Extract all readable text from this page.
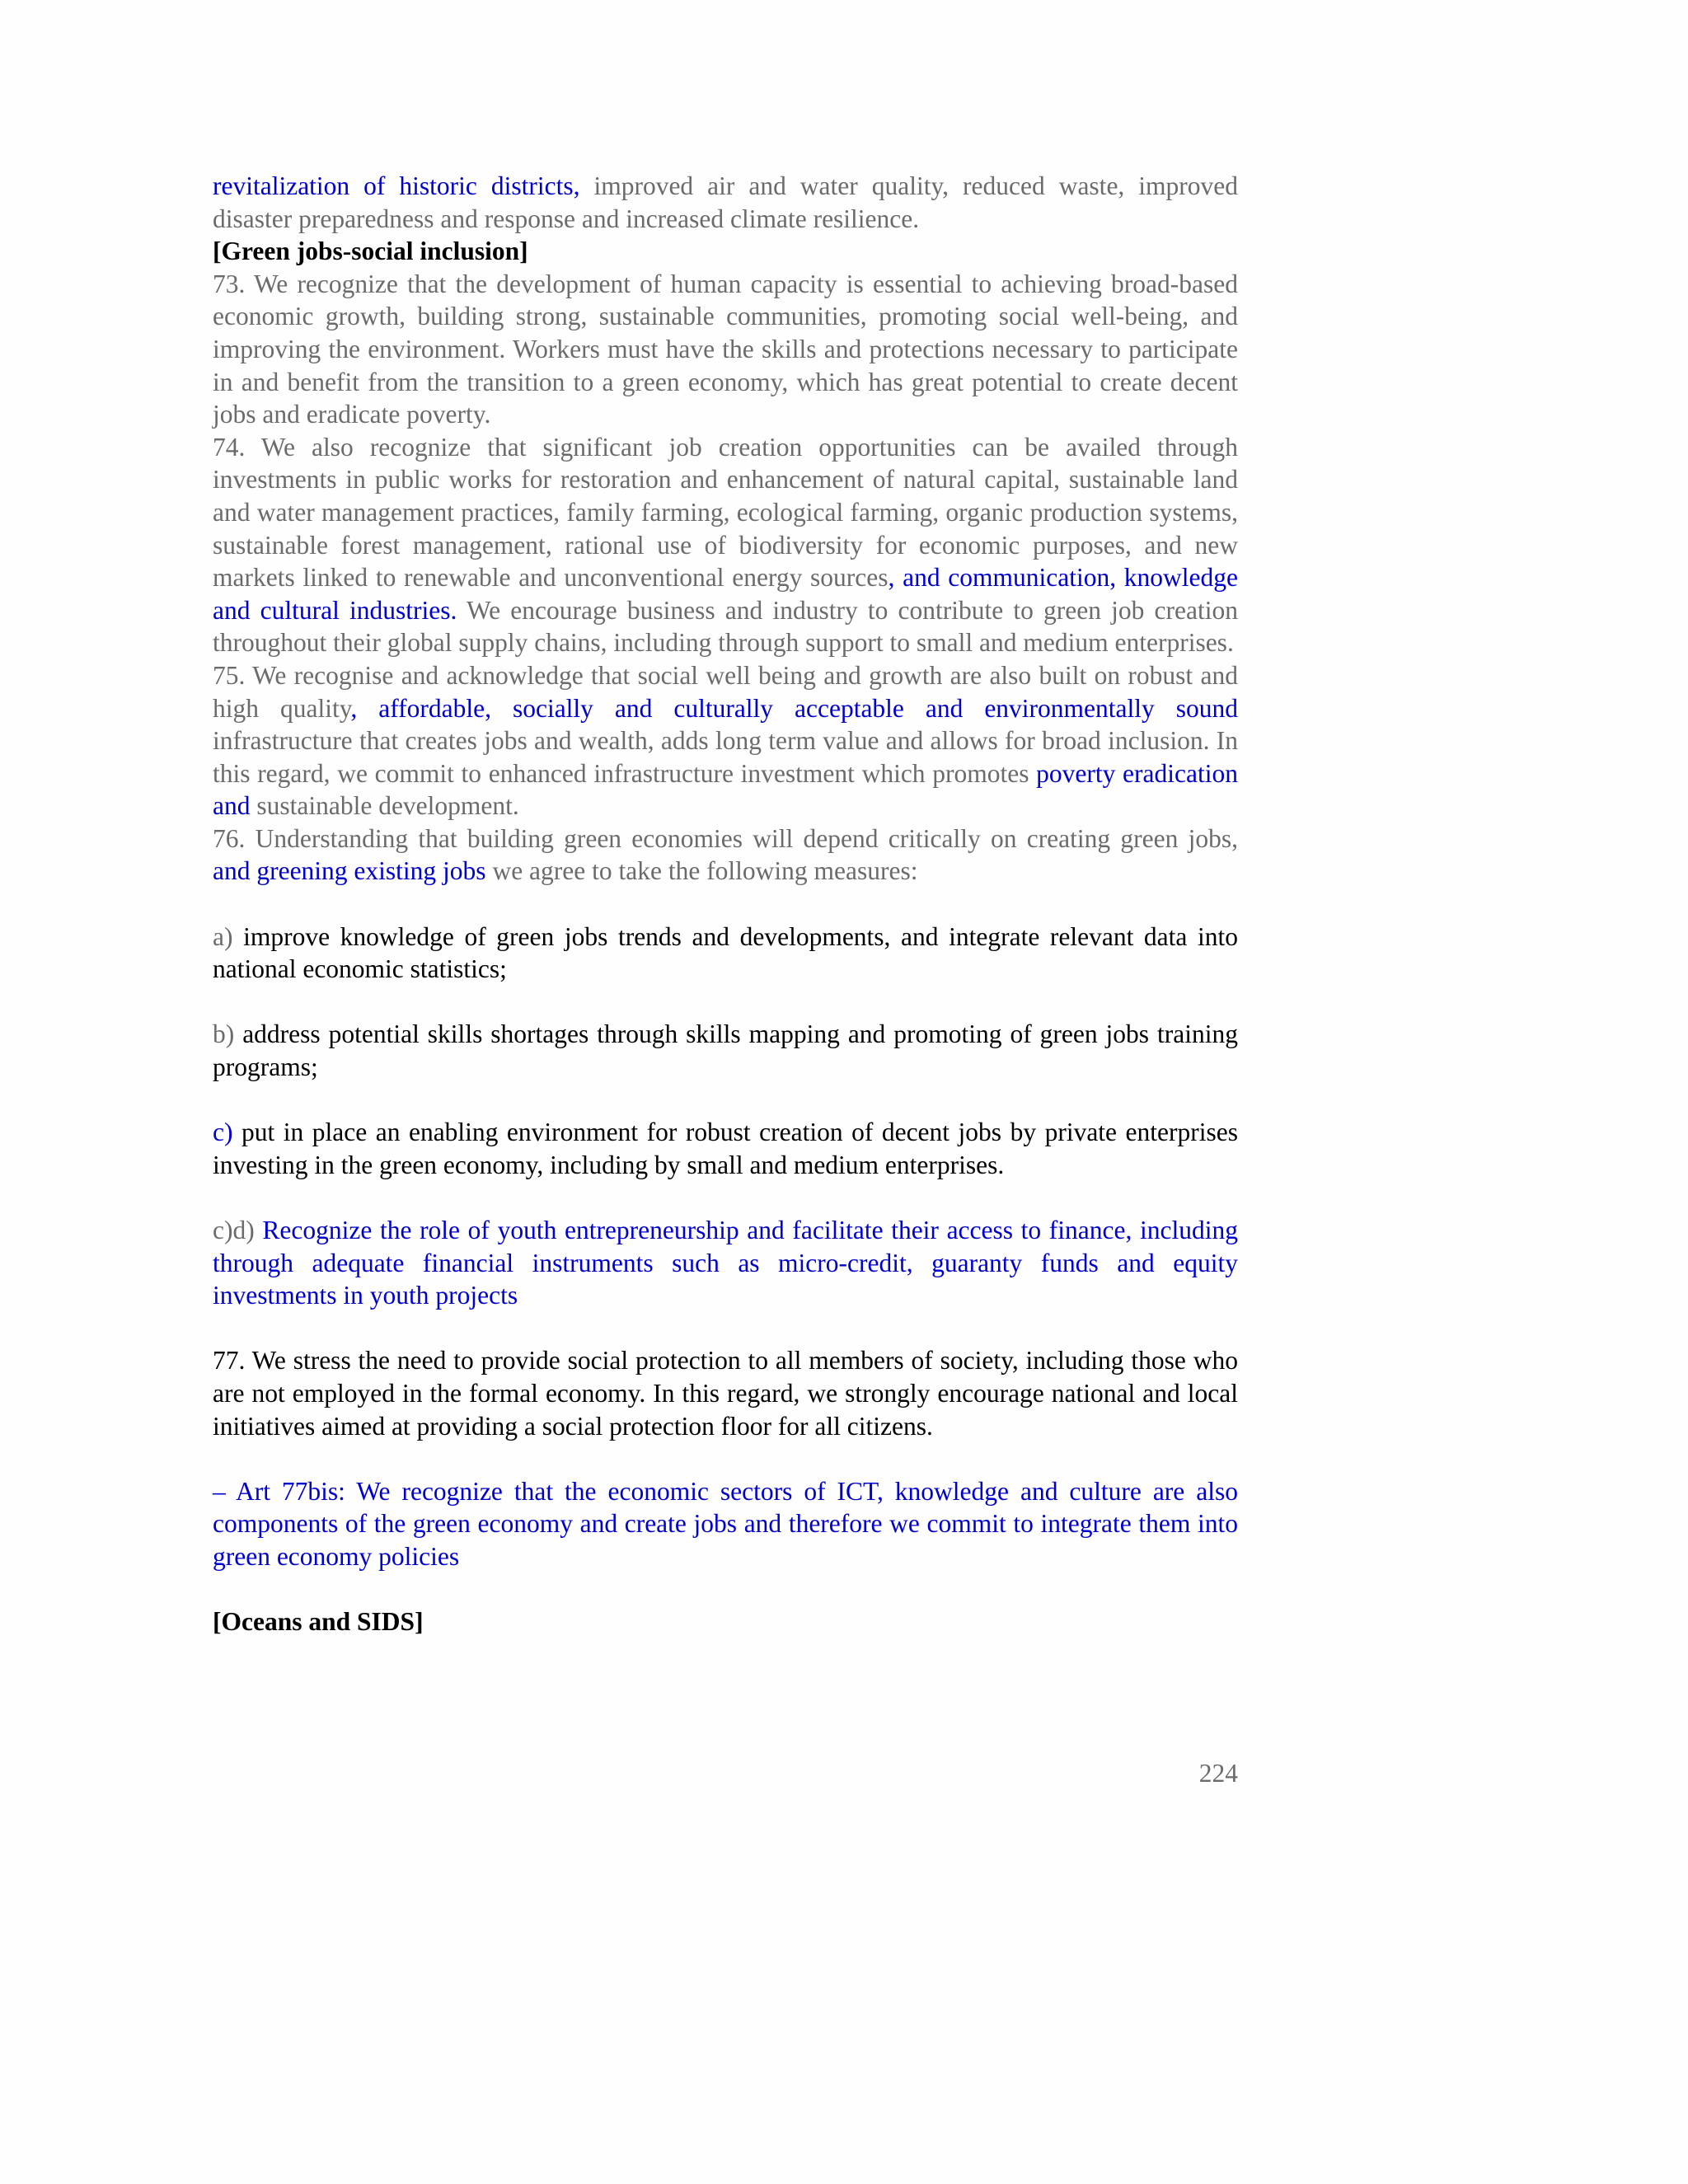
revitalization of historic districts, improved air and water quality, reduced waste, improved disaster preparedness and response and increased climate resilience.

[Green jobs-social inclusion]

73. We recognize that the development of human capacity is essential to achieving broad-based economic growth, building strong, sustainable communities, promoting social well-being, and improving the environment. Workers must have the skills and protections necessary to participate in and benefit from the transition to a green economy, which has great potential to create decent jobs and eradicate poverty.

74. We also recognize that significant job creation opportunities can be availed through investments in public works for restoration and enhancement of natural capital, sustainable land and water management practices, family farming, ecological farming, organic production systems, sustainable forest management, rational use of biodiversity for economic purposes, and new markets linked to renewable and unconventional energy sources, and communication, knowledge and cultural industries. We encourage business and industry to contribute to green job creation throughout their global supply chains, including through support to small and medium enterprises.

75. We recognise and acknowledge that social well being and growth are also built on robust and high quality, affordable, socially and culturally acceptable and environmentally sound infrastructure that creates jobs and wealth, adds long term value and allows for broad inclusion. In this regard, we commit to enhanced infrastructure investment which promotes poverty eradication and sustainable development.

76. Understanding that building green economies will depend critically on creating green jobs, and greening existing jobs we agree to take the following measures:

a) improve knowledge of green jobs trends and developments, and integrate relevant data into national economic statistics;

b) address potential skills shortages through skills mapping and promoting of green jobs training programs;

c) put in place an enabling environment for robust creation of decent jobs by private enterprises investing in the green economy, including by small and medium enterprises.

c)d) Recognize the role of youth entrepreneurship and facilitate their access to finance, including through adequate financial instruments such as micro-credit, guaranty funds and equity investments in youth projects

77. We stress the need to provide social protection to all members of society, including those who are not employed in the formal economy. In this regard, we strongly encourage national and local initiatives aimed at providing a social protection floor for all citizens.

– Art 77bis: We recognize that the economic sectors of ICT, knowledge and culture are also components of the green economy and create jobs and therefore we commit to integrate them into green economy policies

[Oceans and SIDS]

224
